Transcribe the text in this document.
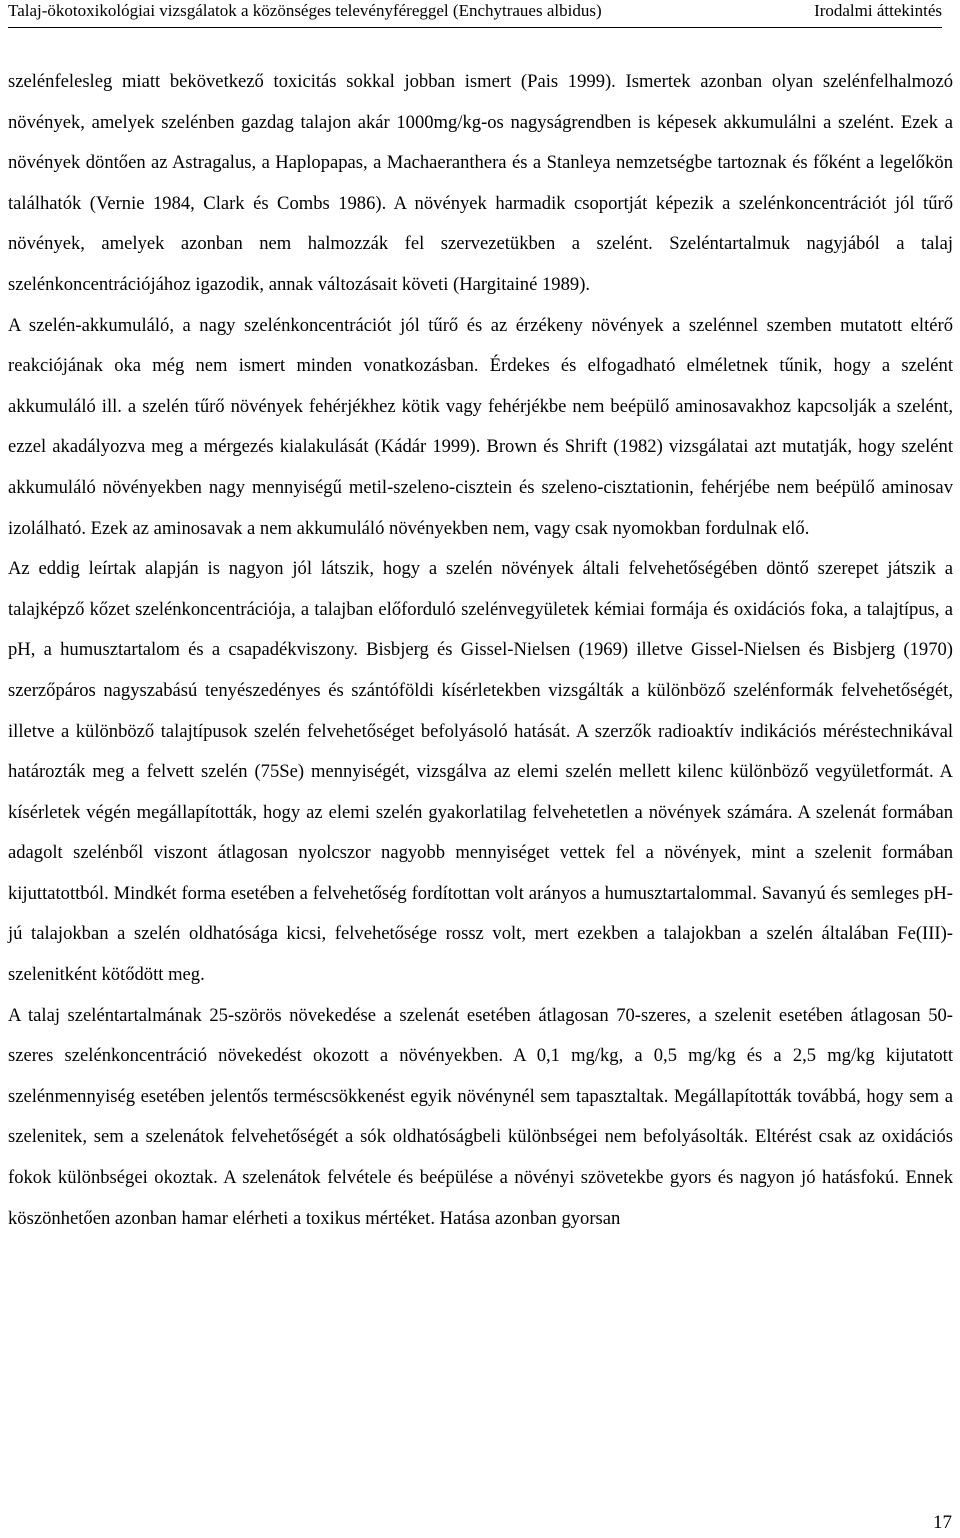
Talaj-ökotoxikológiai vizsgálatok a közönséges televényféreggel (Enchytraues albidus)	Irodalmi áttekintés

szelénfelesleg miatt bekövetkező toxicitás sokkal jobban ismert (Pais 1999). Ismertek azonban olyan szelénfelhalmozó növények, amelyek szelénben gazdag talajon akár 1000mg/kg-os nagyságrendben is képesek akkumulálni a szelént. Ezek a növények döntően az Astragalus, a Haplopapas, a Machaeranthera és a Stanleya nemzetségbe tartoznak és főként a legelőkön találhatók (Vernie 1984, Clark és Combs 1986). A növények harmadik csoportját képezik a szelénkoncentrációt jól tűrő növények, amelyek azonban nem halmozzák fel szervezetükben a szelént. Szeléntartalmuk nagyjából a talaj szelénkoncentrációjához igazodik, annak változásait követi (Hargitainé 1989).

A szelén-akkumuláló, a nagy szelénkoncentrációt jól tűrő és az érzékeny növények a szelénnel szemben mutatott eltérő reakciójának oka még nem ismert minden vonatkozásban. Érdekes és elfogadható elméletnek tűnik, hogy a szelént akkumuláló ill. a szelén tűrő növények fehérjékhez kötik vagy fehérjékbe nem beépülő aminosavakhoz kapcsolják a szelént, ezzel akadályozva meg a mérgezés kialakulását (Kádár 1999). Brown és Shrift (1982) vizsgálatai azt mutatják, hogy szelént akkumuláló növényekben nagy mennyiségű metil-szeleno-cisztein és szeleno-cisztationin, fehérjébe nem beépülő aminosav izolálható. Ezek az aminosavak a nem akkumuláló növényekben nem, vagy csak nyomokban fordulnak elő.

Az eddig leírtak alapján is nagyon jól látszik, hogy a szelén növények általi felvehetőségében döntő szerepet játszik a talajképző kőzet szelénkoncentrációja, a talajban előforduló szelénvegyületek kémiai formája és oxidációs foka, a talajtípus, a pH, a humusztartalom és a csapadékviszony. Bisbjerg és Gissel-Nielsen (1969) illetve Gissel-Nielsen és Bisbjerg (1970) szerzőpáros nagyszabású tenyészedényes és szántóföldi kísérletekben vizsgálták a különböző szelénformák felvehetőségét, illetve a különböző talajtípusok szelén felvehetőséget befolyásoló hatását. A szerzők radioaktív indikációs méréstechnikával határozták meg a felvett szelén (75Se) mennyiségét, vizsgálva az elemi szelén mellett kilenc különböző vegyületformát. A kísérletek végén megállapították, hogy az elemi szelén gyakorlatilag felvehetetlen a növények számára. A szelenát formában adagolt szelénből viszont átlagosan nyolcszor nagyobb mennyiséget vettek fel a növények, mint a szelenit formában kijuttatottból. Mindkét forma esetében a felvehetőség fordítottan volt arányos a humusztartalommal. Savanyú és semleges pH-jú talajokban a szelén oldhatósága kicsi, felvehetősége rossz volt, mert ezekben a talajokban a szelén általában Fe(III)-szelenitként kötődött meg.

A talaj szeléntartalmának 25-szörös növekedése a szelenát esetében átlagosan 70-szeres, a szelenit esetében átlagosan 50-szeres szelénkoncentráció növekedést okozott a növényekben. A 0,1 mg/kg, a 0,5 mg/kg és a 2,5 mg/kg kijutatott szelénmennyiség esetében jelentős terméscsökkenést egyik növénynél sem tapasztaltak. Megállapították továbbá, hogy sem a szelenitek, sem a szelenátok felvehetőségét a sók oldhatóságbeli különbségei nem befolyásolták. Eltérést csak az oxidációs fokok különbségei okoztak. A szelenátok felvétele és beépülése a növényi szövetekbe gyors és nagyon jó hatásfokú. Ennek köszönhetően azonban hamar elérheti a toxikus mértéket. Hatása azonban gyorsan

17
